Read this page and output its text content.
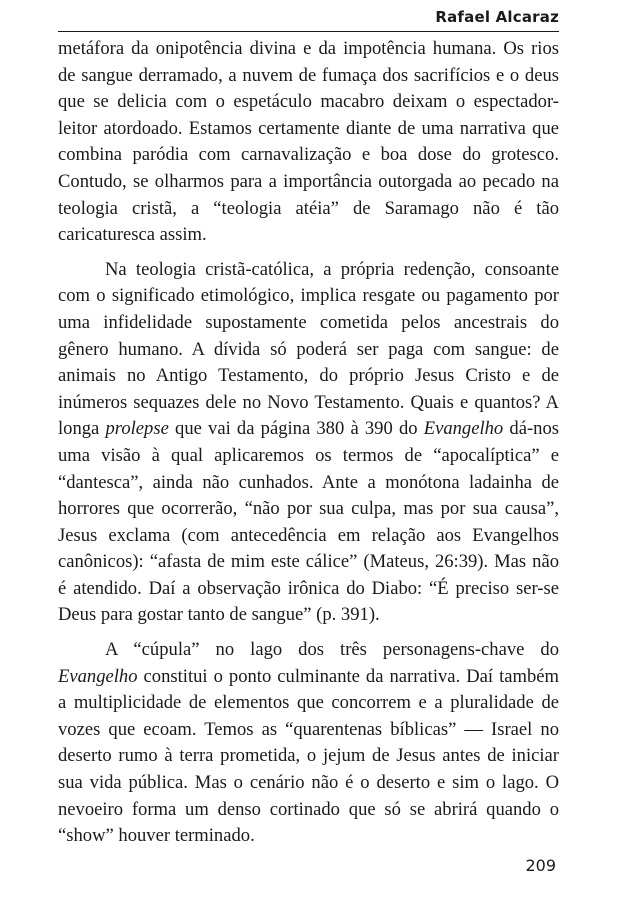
Rafael Alcaraz

metáfora da onipotência divina e da impotência humana. Os rios de sangue derramado, a nuvem de fumaça dos sacrifícios e o deus que se delicia com o espetáculo macabro deixam o espectador-leitor atordoado. Estamos certamente diante de uma narrativa que combina paródia com carnavalização e boa dose do grotesco. Contudo, se olharmos para a importância outorgada ao pecado na teologia cristã, a “teologia atéia” de Saramago não é tão caricaturesca assim.

Na teologia cristã-católica, a própria redenção, consoante com o significado etimológico, implica resgate ou pagamento por uma infidelidade supostamente cometida pelos ancestrais do gênero humano. A dívida só poderá ser paga com sangue: de animais no Antigo Testamento, do próprio Jesus Cristo e de inúmeros sequazes dele no Novo Testamento. Quais e quantos? A longa prolepse que vai da página 380 à 390 do Evangelho dá-nos uma visão à qual aplicaremos os termos de “apocalíptica” e “dantesca”, ainda não cunhados. Ante a monótona ladainha de horrores que ocorrerão, “não por sua culpa, mas por sua causa”, Jesus exclama (com antecedência em relação aos Evangelhos canônicos): “afasta de mim este cálice” (Mateus, 26:39). Mas não é atendido. Daí a observação irônica do Diabo: “É preciso ser-se Deus para gostar tanto de sangue” (p. 391).

A “cúpula” no lago dos três personagens-chave do Evangelho constitui o ponto culminante da narrativa. Daí também a multiplicidade de elementos que concorrem e a pluralidade de vozes que ecoam. Temos as “quarentenas bíblicas” — Israel no deserto rumo à terra prometida, o jejum de Jesus antes de iniciar sua vida pública. Mas o cenário não é o deserto e sim o lago. O nevoeiro forma um denso cortinado que só se abrirá quando o “show” houver terminado.

209
